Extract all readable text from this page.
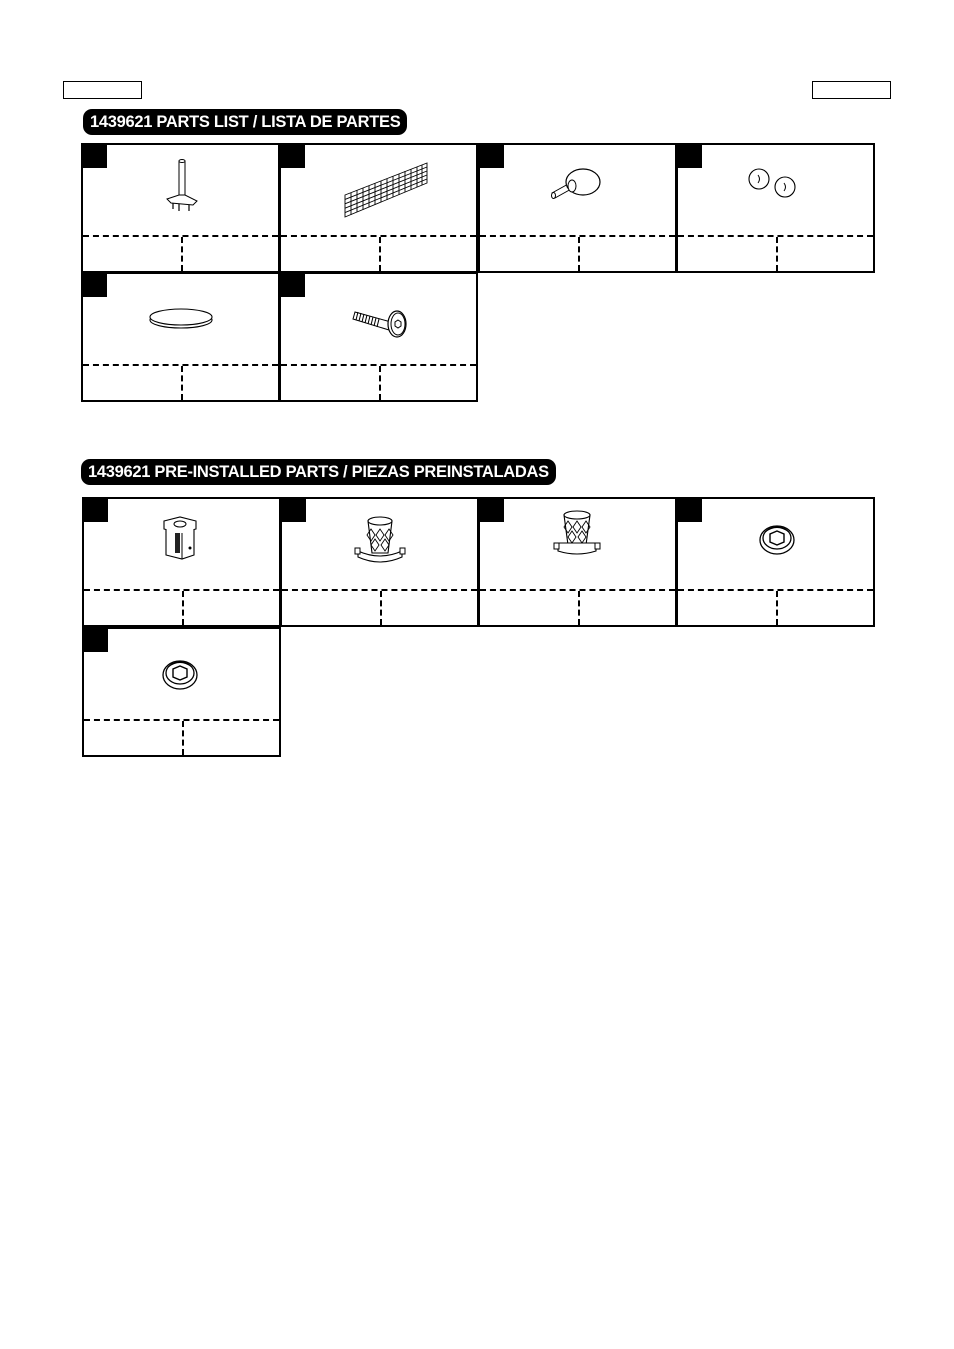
1439621 PARTS LIST / LISTA DE PARTES
1439621 PRE-INSTALLED PARTS / PIEZAS PREINSTALADAS
